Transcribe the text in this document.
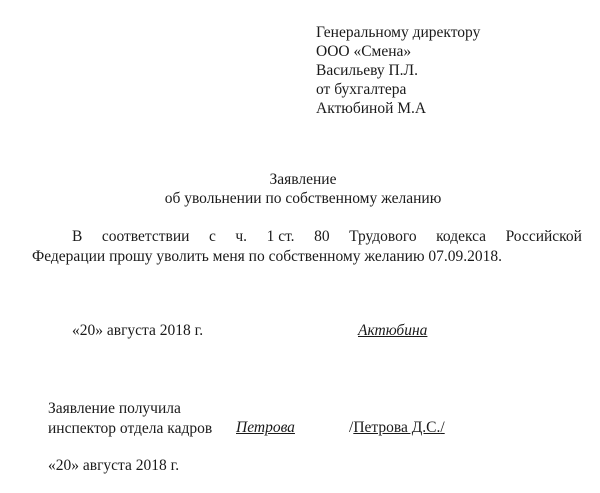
Генеральному директору
ООО «Смена»
Васильеву П.Л.
от бухгалтера
Актюбиной М.А
Заявление
об увольнении по собственному желанию
В соответствии с ч. 1 ст. 80 Трудового кодекса Российской
Федерации прошу уволить меня по собственному желанию 07.09.2018.
«20» августа 2018 г.	Актюбина
Заявление получила
инспектор отдела кадров Петрова	/Петрова Д.С./
«20» августа 2018 г.
